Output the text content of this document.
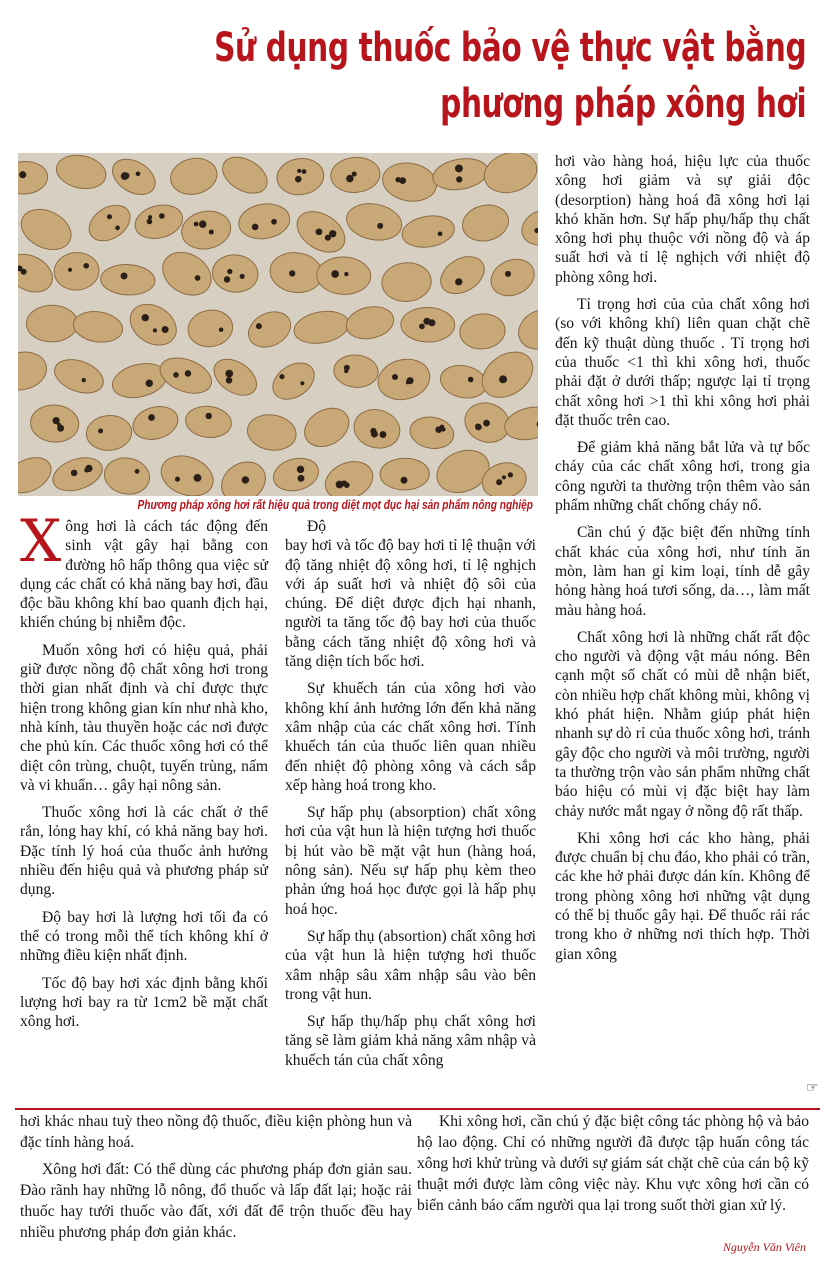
Sử dụng thuốc bảo vệ thực vật bằng
phương pháp xông hơi

Phương pháp xông hơi rất hiệu quả trong diệt mọt đục hại sản phẩm nông nghiệp

Xông hơi là cách tác động đến sinh vật gây hại bằng con đường hô hấp thông qua việc sử dụng các chất có khả năng bay hơi, đầu độc bầu không khí bao quanh địch hại, khiến chúng bị nhiễm độc.

Muốn xông hơi có hiệu quả, phải giữ được nồng độ chất xông hơi trong thời gian nhất định và chỉ được thực hiện trong không gian kín như nhà kho, nhà kính, tàu thuyền hoặc các nơi được che phủ kín. Các thuốc xông hơi có thể diệt côn trùng, chuột, tuyến trùng, nấm và vi khuẩn… gây hại nông sản.

Thuốc xông hơi là các chất ở thể rắn, lỏng hay khí, có khả năng bay hơi. Đặc tính lý hoá của thuốc ảnh hưởng nhiều đến hiệu quả và phương pháp sử dụng.

Độ bay hơi là lượng hơi tối đa có thể có trong mỗi thể tích không khí ở những điều kiện nhất định.

Tốc độ bay hơi xác định bằng khối lượng hơi bay ra từ 1cm2 bề mặt chất xông hơi.

Độ

bay hơi và tốc độ bay hơi tỉ lệ thuận với độ tăng nhiệt độ xông hơi, tỉ lệ nghịch với áp suất hơi và nhiệt độ sôi của chúng. Để diệt được địch hại nhanh, người ta tăng tốc độ bay hơi của thuốc bằng cách tăng nhiệt độ xông hơi và tăng diện tích bốc hơi.

Sự khuếch tán của xông hơi vào không khí ảnh hưởng lớn đến khả năng xâm nhập của các chất xông hơi. Tính khuếch tán của thuốc liên quan nhiều đến nhiệt độ phòng xông và cách sắp xếp hàng hoá trong kho.

Sự hấp phụ (absorption) chất xông hơi của vật hun là hiện tượng hơi thuốc bị hút vào bề mặt vật hun (hàng hoá, nông sản). Nếu sự hấp phụ kèm theo phản ứng hoá học được gọi là hấp phụ hoá học.

Sự hấp thụ (absortion) chất xông hơi của vật hun là hiện tượng hơi thuốc xâm nhập sâu xâm nhập sâu vào bên trong vật hun.

Sự hấp thụ/hấp phụ chất xông hơi tăng sẽ làm giảm khả năng xâm nhập và khuếch tán của chất xông

hơi vào hàng hoá, hiệu lực của thuốc xông hơi giảm và sự giải độc (desorption) hàng hoá đã xông hơi lại khó khăn hơn. Sự hấp phụ/hấp thụ chất xông hơi phụ thuộc với nồng độ và áp suất hơi và tỉ lệ nghịch với nhiệt độ phòng xông hơi.

Tỉ trọng hơi của của chất xông hơi (so với không khí) liên quan chặt chẽ đến kỹ thuật dùng thuốc . Tỉ trọng hơi của thuốc <1 thì khi xông hơi, thuốc phải đặt ở dưới thấp; ngược lại tỉ trọng chất xông hơi >1 thì khi xông hơi phải đặt thuốc trên cao.

Để giảm khả năng bắt lửa và tự bốc cháy của các chất xông hơi, trong gia công người ta thường trộn thêm vào sản phẩm những chất chống cháy nổ.

Cần chú ý đặc biệt đến những tính chất khác của xông hơi, như tính ăn mòn, làm han gỉ kim loại, tính dễ gây hỏng hàng hoá tươi sống, da…, làm mất màu hàng hoá.

Chất xông hơi là những chất rất độc cho người và động vật máu nóng. Bên cạnh một số chất có mùi dễ nhận biết, còn nhiều hợp chất không mùi, không vị khó phát hiện. Nhằm giúp phát hiện nhanh sự dò rỉ của thuốc xông hơi, tránh gây độc cho người và môi trường, người ta thường trộn vào sản phẩm những chất báo hiệu có mùi vị đặc biệt hay làm chảy nước mắt ngay ở nồng độ rất thấp.

Khi xông hơi các kho hàng, phải được chuẩn bị chu đáo, kho phải có trần, các khe hở phải được dán kín. Không để trong phòng xông hơi những vật dụng có thể bị thuốc gây hại. Để thuốc rải rác trong kho ở những nơi thích hợp. Thời gian xông

☞

hơi khác nhau tuỳ theo nồng độ thuốc, điều kiện phòng hun và đặc tính hàng hoá.

Xông hơi đất: Có thể dùng các phương pháp đơn giản sau. Đào rãnh hay những lỗ nông, đổ thuốc và lấp đất lại; hoặc rải thuốc hay tưới thuốc vào đất, xới đất để trộn thuốc đều hay nhiều phương pháp đơn giản khác.

Khi xông hơi, cần chú ý đặc biệt công tác phòng hộ và bảo hộ lao động. Chỉ có những người đã được tập huấn công tác xông hơi khử trùng và dưới sự giám sát chặt chẽ của cán bộ kỹ thuật mới được làm công việc này. Khu vực xông hơi cần có biển cảnh báo cấm người qua lại trong suốt thời gian xử lý.

Nguyễn Văn Viên
